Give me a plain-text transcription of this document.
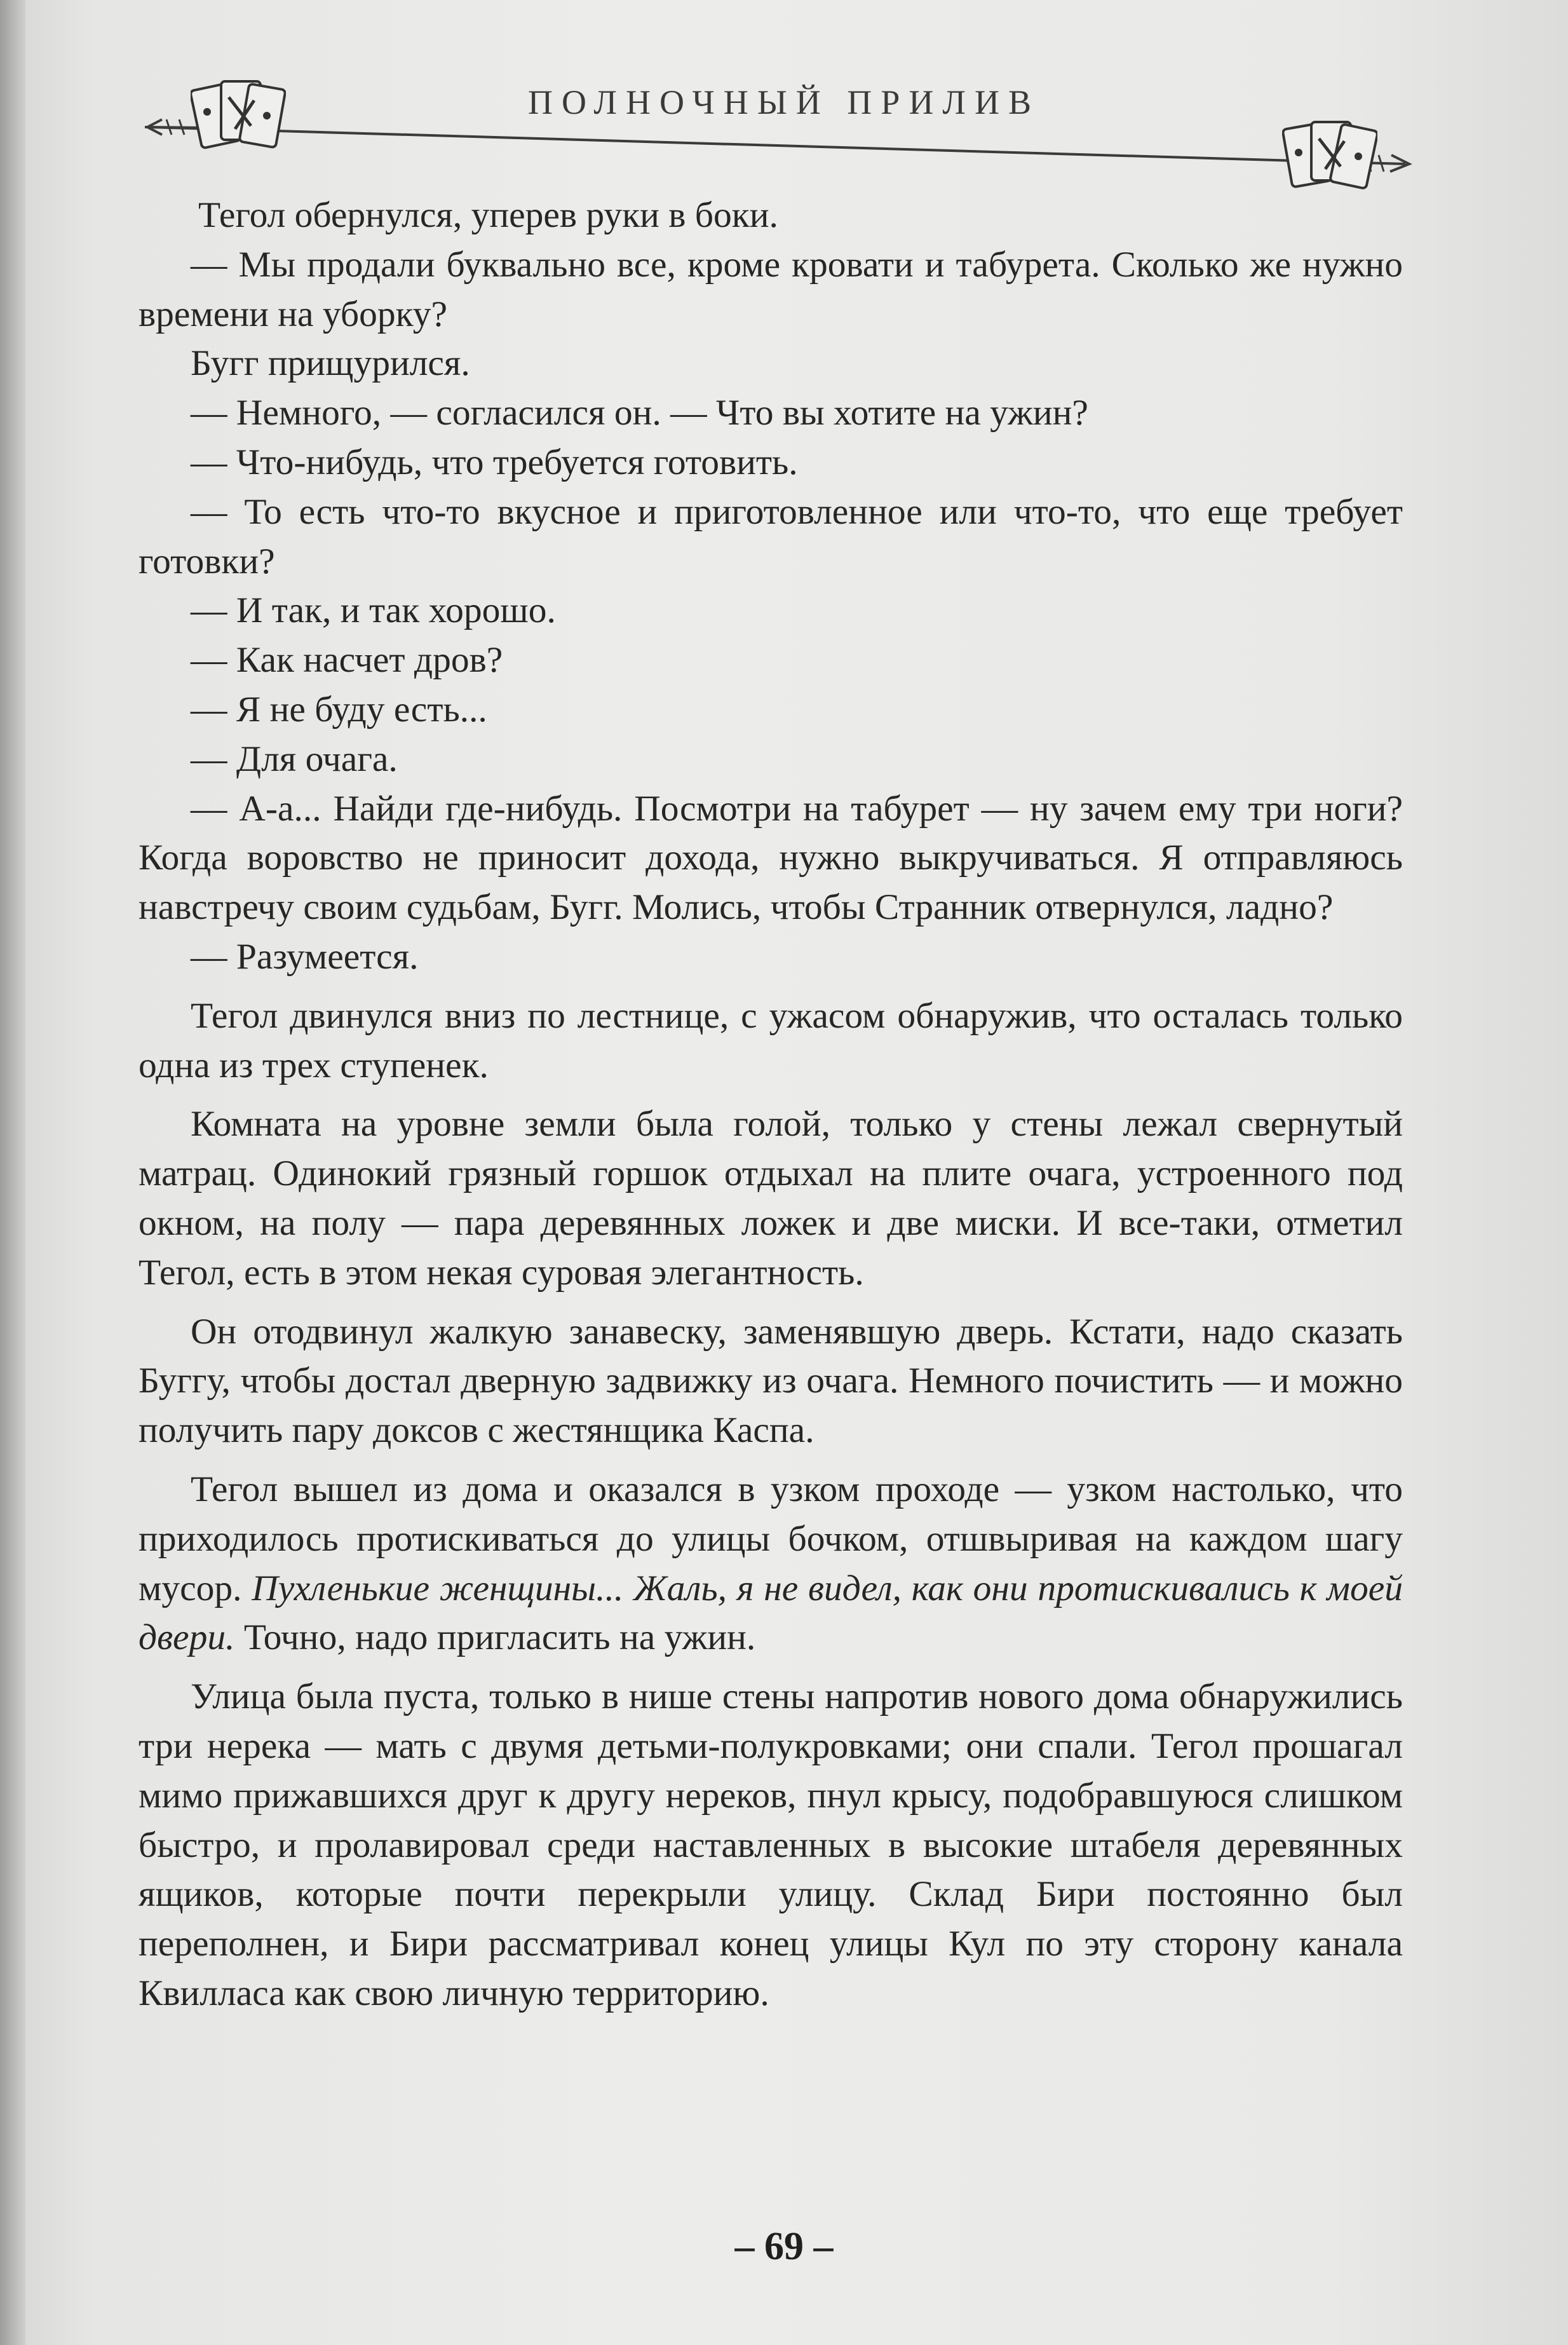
ПОЛНОЧНЫЙ ПРИЛИВ

Тегол обернулся, уперев руки в боки.

— Мы продали буквально все, кроме кровати и табурета. Сколько же нужно времени на уборку?

Бугг прищурился.

— Немного, — согласился он. — Что вы хотите на ужин?

— Что-нибудь, что требуется готовить.

— То есть что-то вкусное и приготовленное или что-то, что еще требует готовки?

— И так, и так хорошо.

— Как насчет дров?

— Я не буду есть...

— Для очага.

— А-а... Найди где-нибудь. Посмотри на табурет — ну зачем ему три ноги? Когда воровство не приносит дохода, нужно выкручиваться. Я отправляюсь навстречу своим судьбам, Бугг. Молись, чтобы Странник отвернулся, ладно?

— Разумеется.

Тегол двинулся вниз по лестнице, с ужасом обнаружив, что осталась только одна из трех ступенек.

Комната на уровне земли была голой, только у стены лежал свернутый матрац. Одинокий грязный горшок отдыхал на плите очага, устроенного под окном, на полу — пара деревянных ложек и две миски. И все-таки, отметил Тегол, есть в этом некая суровая элегантность.

Он отодвинул жалкую занавеску, заменявшую дверь. Кстати, надо сказать Буггу, чтобы достал дверную задвижку из очага. Немного почистить — и можно получить пару доксов с жестянщика Каспа.

Тегол вышел из дома и оказался в узком проходе — узком настолько, что приходилось протискиваться до улицы бочком, отшвыривая на каждом шагу мусор. Пухленькие женщины... Жаль, я не видел, как они протискивались к моей двери. Точно, надо пригласить на ужин.

Улица была пуста, только в нише стены напротив нового дома обнаружились три нерека — мать с двумя детьми-полукровками; они спали. Тегол прошагал мимо прижавшихся друг к другу нереков, пнул крысу, подобравшуюся слишком быстро, и пролавировал среди наставленных в высокие штабеля деревянных ящиков, которые почти перекрыли улицу. Склад Бири постоянно был переполнен, и Бири рассматривал конец улицы Кул по эту сторону канала Квилласа как свою личную территорию.

– 69 –
